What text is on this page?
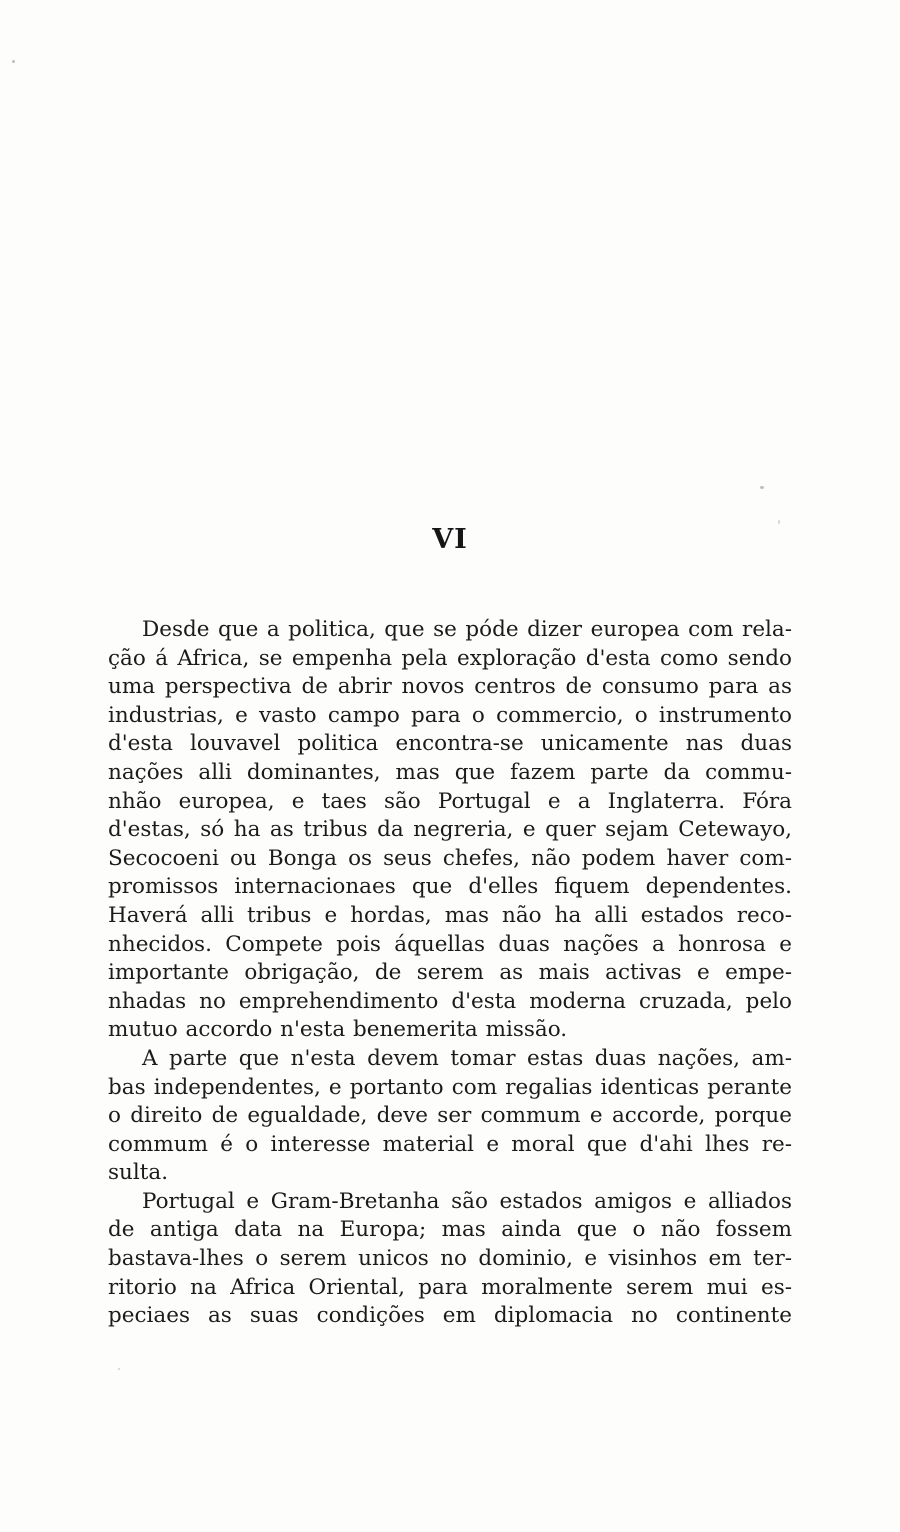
VI
Desde que a politica, que se póde dizer europea com rela-
ção á Africa, se empenha pela exploração d'esta como sendo
uma perspectiva de abrir novos centros de consumo para as
industrias, e vasto campo para o commercio, o instrumento
d'esta louvavel politica encontra-se unicamente nas duas
nações alli dominantes, mas que fazem parte da commu-
nhão europea, e taes são Portugal e a Inglaterra. Fóra
d'estas, só ha as tribus da negreria, e quer sejam Cetewayo,
Secocoeni ou Bonga os seus chefes, não podem haver com-
promissos internacionaes que d'elles fiquem dependentes.
Haverá alli tribus e hordas, mas não ha alli estados reco-
nhecidos. Compete pois áquellas duas nações a honrosa e
importante obrigação, de serem as mais activas e empe-
nhadas no emprehendimento d'esta moderna cruzada, pelo
mutuo accordo n'esta benemerita missão.
A parte que n'esta devem tomar estas duas nações, am-
bas independentes, e portanto com regalias identicas perante
o direito de egualdade, deve ser commum e accorde, porque
commum é o interesse material e moral que d'ahi lhes re-
sulta.
Portugal e Gram-Bretanha são estados amigos e alliados
de antiga data na Europa; mas ainda que o não fossem
bastava-lhes o serem unicos no dominio, e visinhos em ter-
ritorio na Africa Oriental, para moralmente serem mui es-
peciaes as suas condições em diplomacia no continente
